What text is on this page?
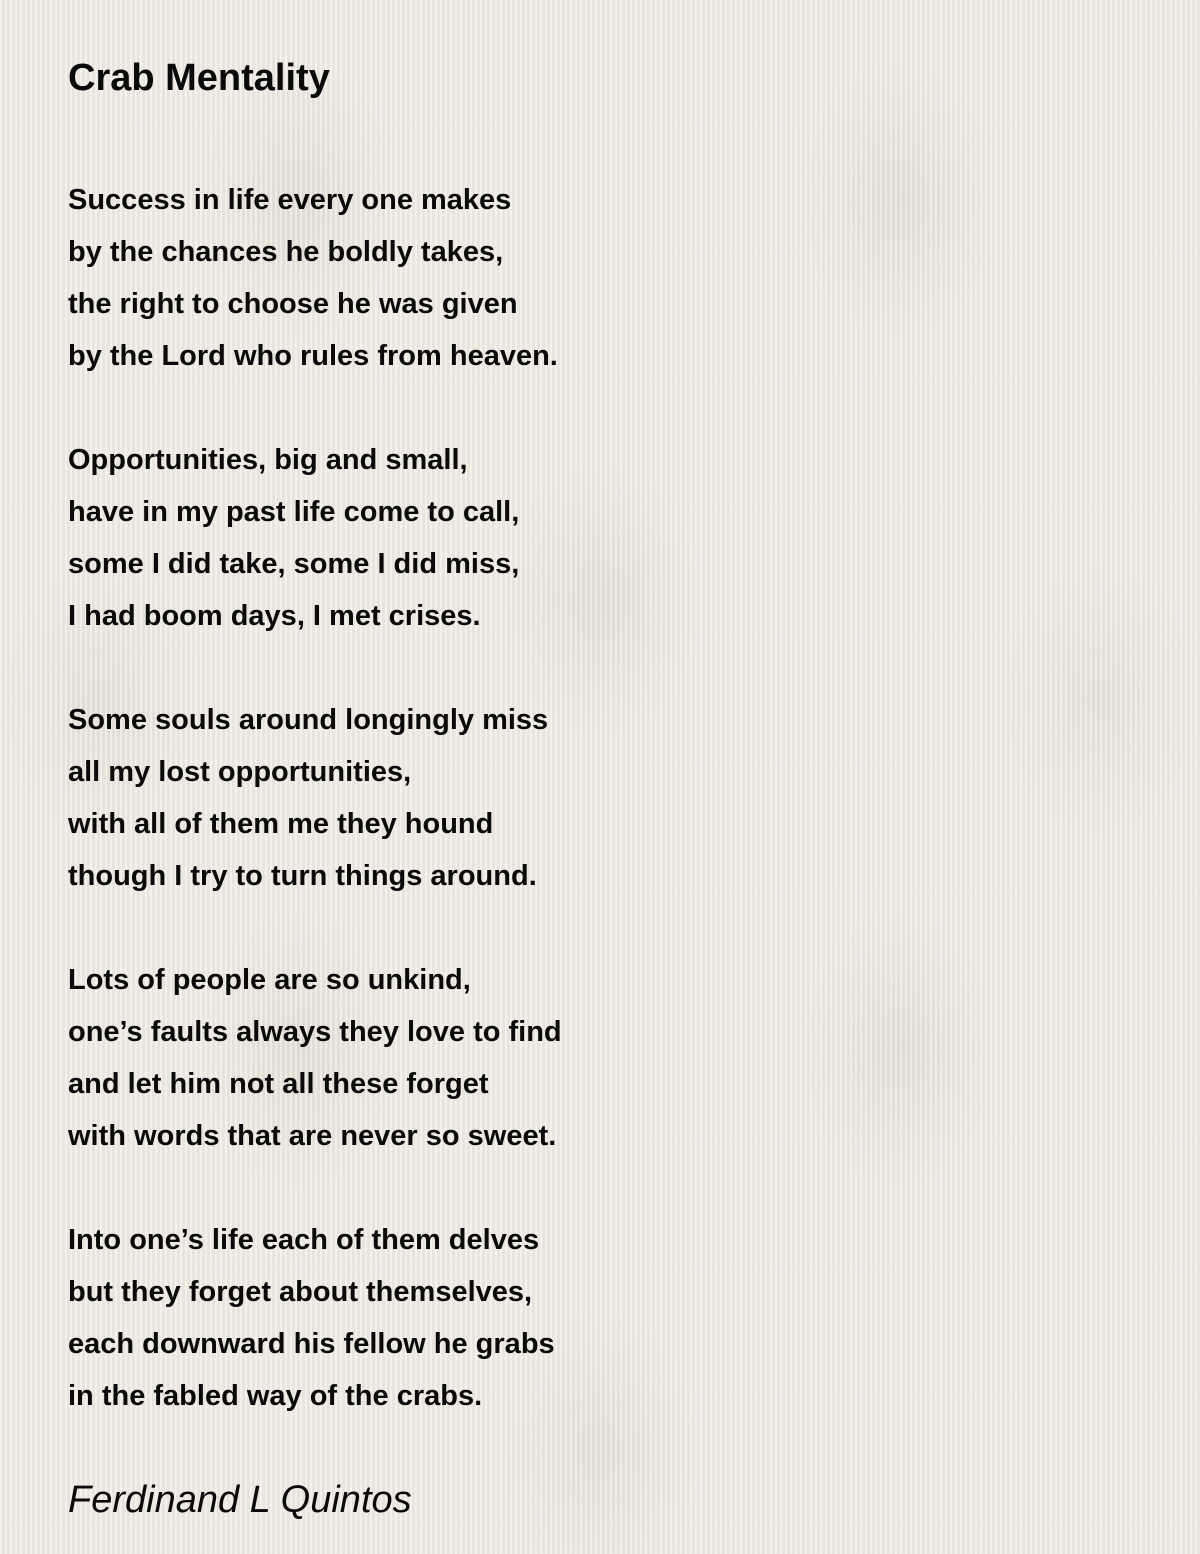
Crab Mentality
Success in life every one makes
by the chances he boldly takes,
the right to choose he was given
by the Lord who rules from heaven.
Opportunities, big and small,
have in my past life come to call,
some I did take, some I did miss,
I had boom days, I met crises.
Some souls around longingly miss
all my lost opportunities,
with all of them me they hound
though I try to turn things around.
Lots of people are so unkind,
one’s faults always they love to find
and let him not all these forget
with words that are never so sweet.
Into one’s life each of them delves
but they forget about themselves,
each downward his fellow he grabs
in the fabled way of the crabs.
Ferdinand L Quintos
